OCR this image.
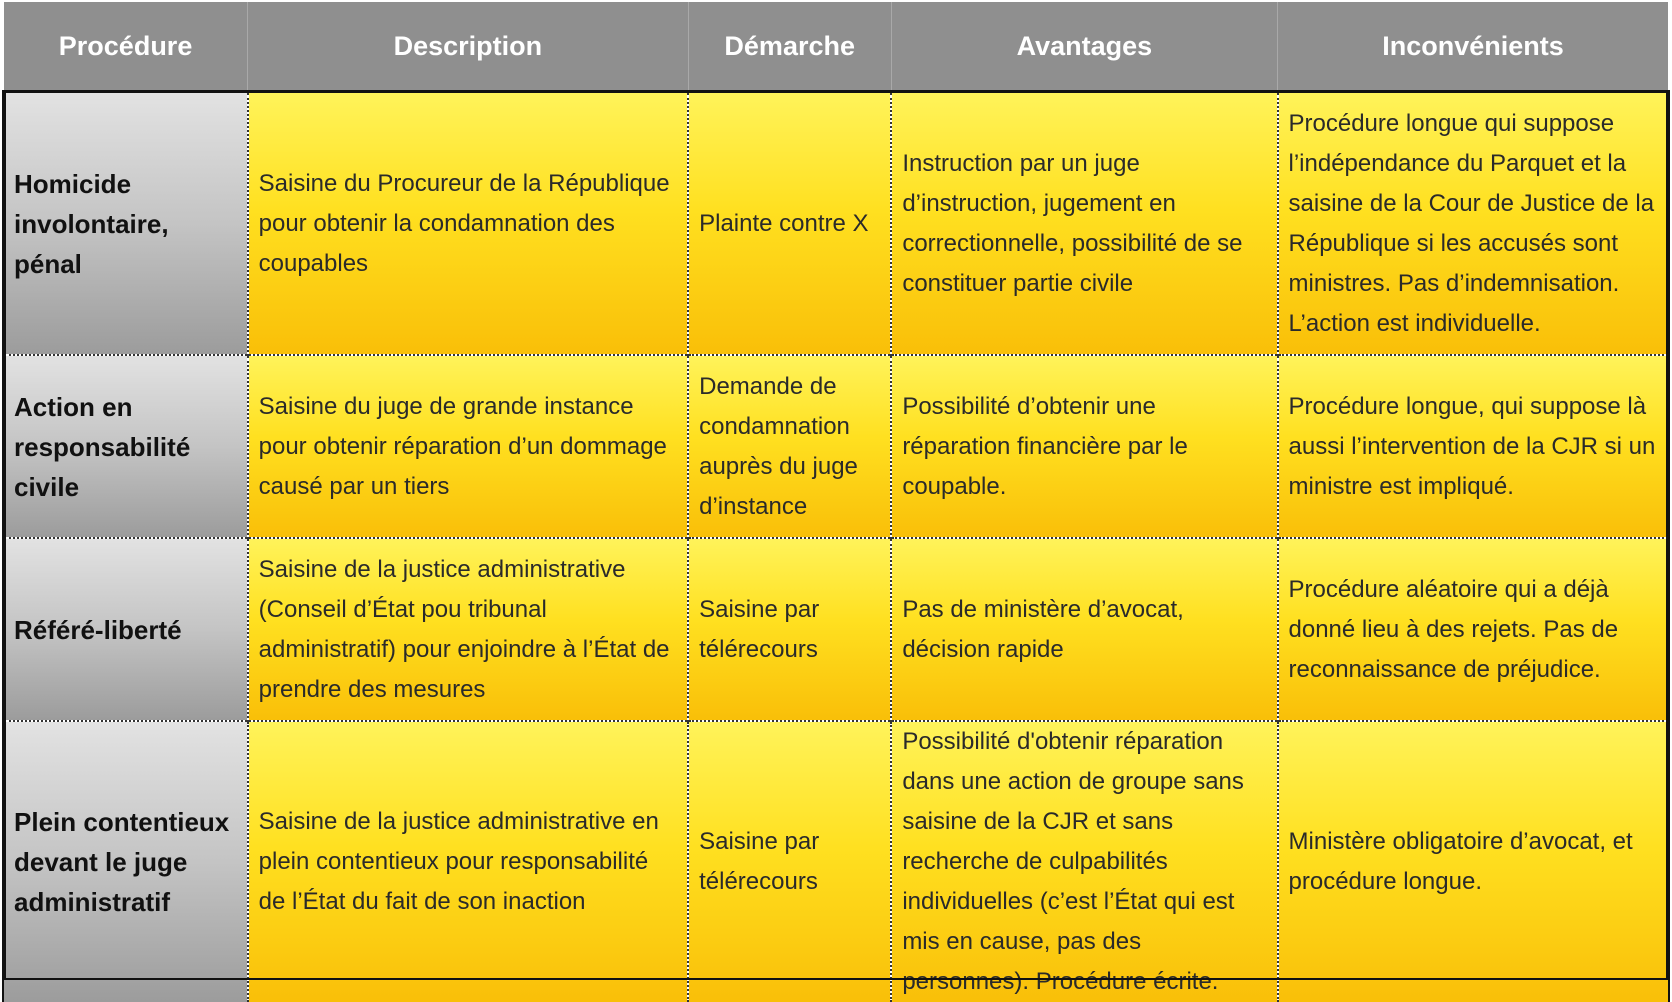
Procédure	Description	Démarche	Avantages	Inconvénients
Homicide involontaire, pénal	Saisine du Procureur de la République pour obtenir la condamnation des coupables	Plainte contre X	Instruction par un juge d’instruction, jugement en correctionnelle, possibilité de se constituer partie civile	Procédure longue qui suppose l’indépendance du Parquet et la saisine de la Cour de Justice de la République si les accusés sont ministres. Pas d’indemnisation. L’action est individuelle.
Action en responsabilité civile	Saisine du juge de grande instance pour obtenir réparation d’un dommage causé par un tiers	Demande de condamnation auprès du juge d’instance	Possibilité d’obtenir une réparation financière par le coupable.	Procédure longue, qui suppose là aussi l’intervention de la CJR si un ministre est impliqué.
Référé-liberté	Saisine de la justice administrative (Conseil d’État pou tribunal administratif) pour enjoindre à l’État de prendre des mesures	Saisine par télérecours	Pas de ministère d’avocat, décision rapide	Procédure aléatoire qui a déjà donné lieu à des rejets. Pas de reconnaissance de préjudice.
Plein contentieux devant le juge administratif	Saisine de la justice administrative en plein contentieux pour responsabilité de l’État du fait de son inaction	Saisine par télérecours	Possibilité d'obtenir réparation dans une action de groupe sans saisine de la CJR et sans recherche de culpabilités individuelles (c’est l’État qui est mis en cause, pas des personnes). Procédure écrite.	Ministère obligatoire d’avocat, et procédure longue.
